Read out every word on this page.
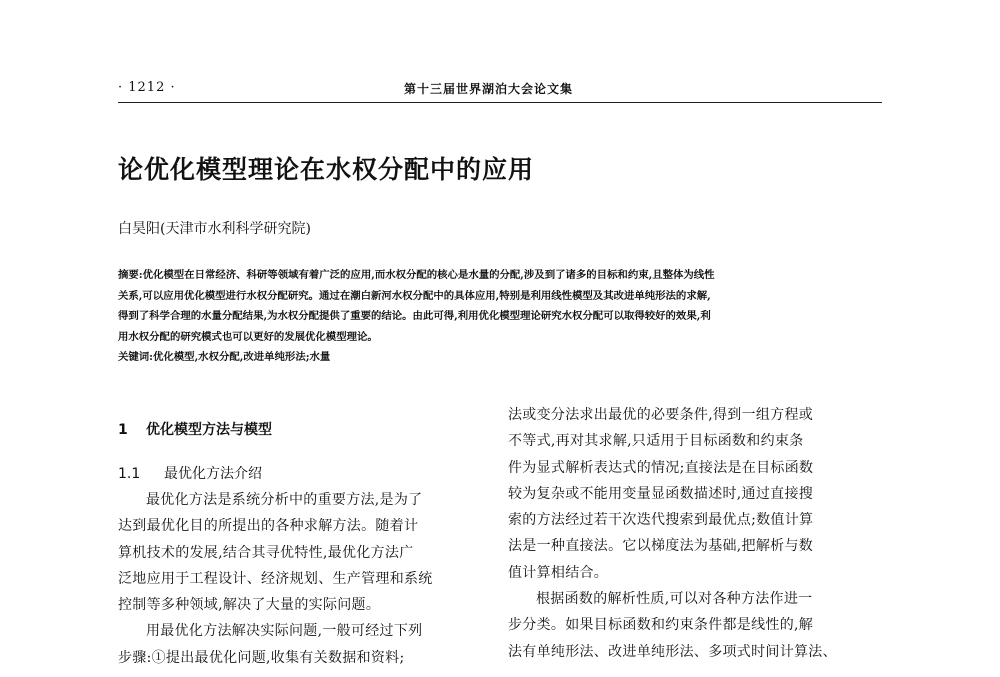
· 1212 ·	第十三届世界湖泊大会论文集
论优化模型理论在水权分配中的应用
白昊阳(天津市水利科学研究院)
摘要:优化模型在日常经济、科研等领域有着广泛的应用,而水权分配的核心是水量的分配,涉及到了诸多的目标和约束,且整体为线性
关系,可以应用优化模型进行水权分配研究。通过在潮白新河水权分配中的具体应用,特别是利用线性模型及其改进单纯形法的求解,
得到了科学合理的水量分配结果,为水权分配提供了重要的结论。由此可得,利用优化模型理论研究水权分配可以取得较好的效果,利
用水权分配的研究模式也可以更好的发展优化模型理论。
关键词:优化模型,水权分配,改进单纯形法;水量
1 优化模型方法与模型
1.1 最优化方法介绍
最优化方法是系统分析中的重要方法,是为了
达到最优化目的所提出的各种求解方法。随着计
算机技术的发展,结合其寻优特性,最优化方法广
泛地应用于工程设计、经济规划、生产管理和系统
控制等多种领域,解决了大量的实际问题。
用最优化方法解决实际问题,一般可经过下列
步骤:①提出最优化问题,收集有关数据和资料;
法或变分法求出最优的必要条件,得到一组方程或
不等式,再对其求解,只适用于目标函数和约束条
件为显式解析表达式的情况;直接法是在目标函数
较为复杂或不能用变量显函数描述时,通过直接搜
索的方法经过若干次迭代搜索到最优点;数值计算
法是一种直接法。它以梯度法为基础,把解析与数
值计算相结合。
根据函数的解析性质,可以对各种方法作进一
步分类。如果目标函数和约束条件都是线性的,解
法有单纯形法、改进单纯形法、多项式时间计算法、
